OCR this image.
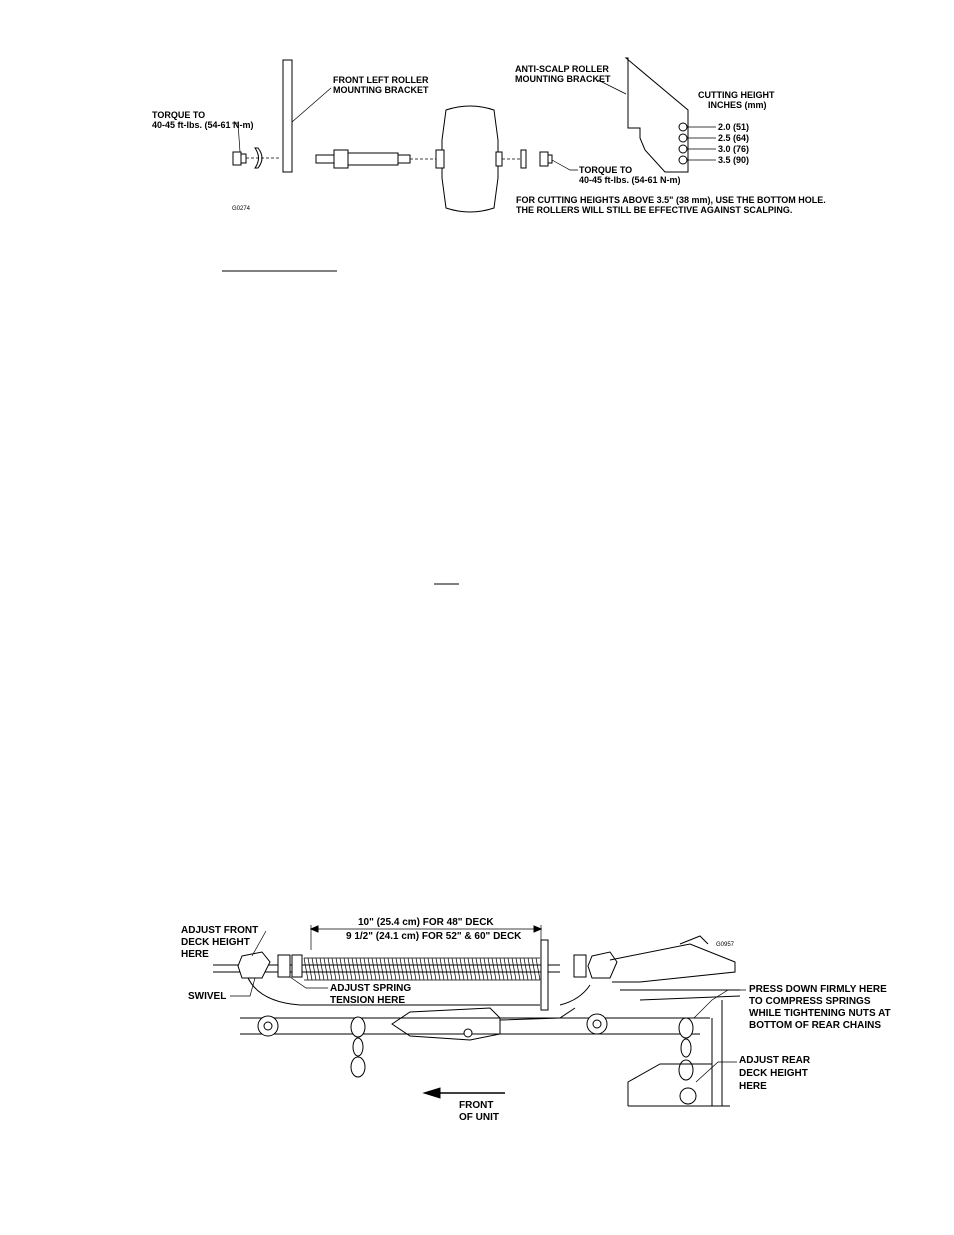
TORQUE TO
40-45 ft-lbs. (54-61 N-m)
FRONT LEFT ROLLER
MOUNTING BRACKET
TORQUE TO
40-45 ft-lbs. (54-61 N-m)
ANTI-SCALP ROLLER
MOUNTING BRACKET
CUTTING HEIGHT
INCHES (mm)
2.0 (51)
2.5 (64)
3.0 (76)
3.5 (90)
FOR CUTTING HEIGHTS ABOVE 3.5" (38 mm), USE THE BOTTOM HOLE.
THE ROLLERS WILL STILL BE EFFECTIVE AGAINST SCALPING.
G0274
10" (25.4 cm) FOR 48" DECK
9 1/2" (24.1 cm) FOR 52" & 60" DECK
G0957
ADJUST FRONT
DECK HEIGHT
HERE
SWIVEL
ADJUST SPRING
TENSION HERE
PRESS DOWN FIRMLY HERE
TO COMPRESS SPRINGS
WHILE TIGHTENING NUTS AT
BOTTOM OF REAR CHAINS
ADJUST REAR
DECK HEIGHT
HERE
FRONT
OF UNIT
